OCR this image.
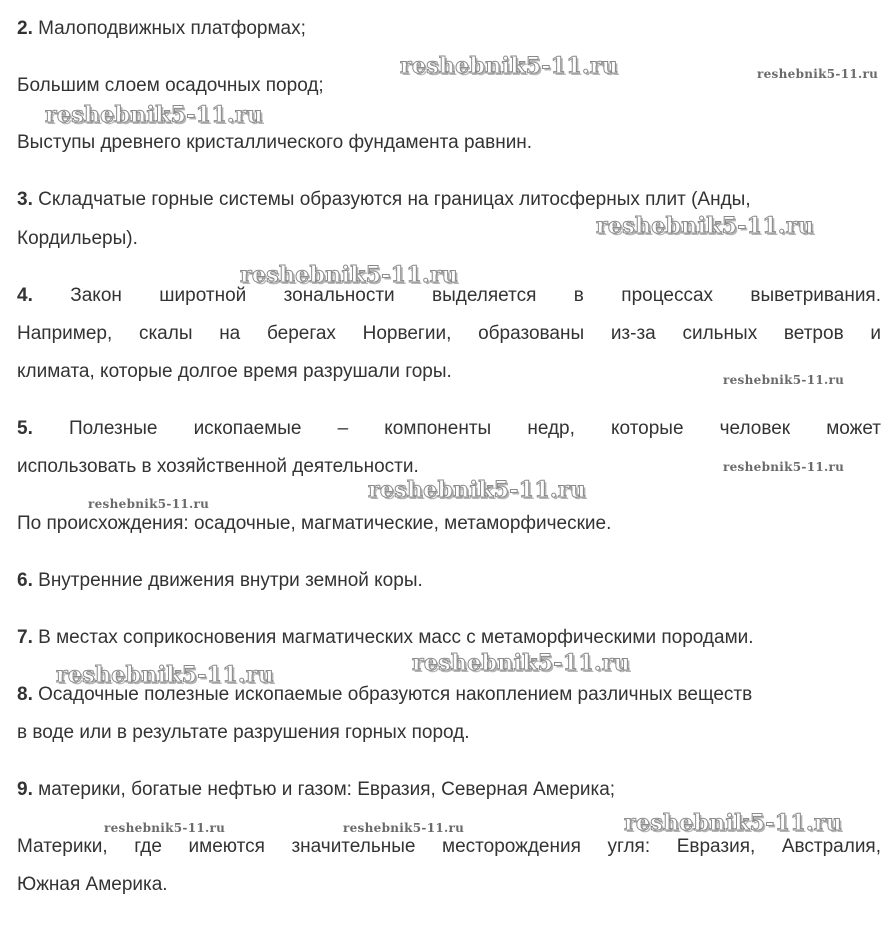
reshebnik5-11.ru	reshebnik5-11.ru
reshebnik5-11.ru
reshebnik5-11.ru
reshebnik5-11.ru
reshebnik5-11.ru
reshebnik5-11.ru
reshebnik5-11.ru
reshebnik5-11.ru
reshebnik5-11.ru
reshebnik5-11.ru
reshebnik5-11.ru
reshebnik5-11.ru	reshebnik5-11.ru
2. Малоподвижных платформах;
Большим слоем осадочных пород;
Выступы древнего кристаллического фундамента равнин.
3. Складчатые горные системы образуются на границах литосферных плит (Анды,
Кордильеры).
4. Закон широтной зональности выделяется в процессах выветривания.
Например, скалы на берегах Норвегии, образованы из-за сильных ветров и
климата, которые долгое время разрушали горы.
5. Полезные ископаемые – компоненты недр, которые человек может
использовать в хозяйственной деятельности.
По происхождения: осадочные, магматические, метаморфические.
6. Внутренние движения внутри земной коры.
7. В местах соприкосновения магматических масс с метаморфическими породами.
8. Осадочные полезные ископаемые образуются накоплением различных веществ
в воде или в результате разрушения горных пород.
9. материки, богатые нефтью и газом: Евразия, Северная Америка;
Материки, где имеются значительные месторождения угля: Евразия, Австралия,
Южная Америка.
